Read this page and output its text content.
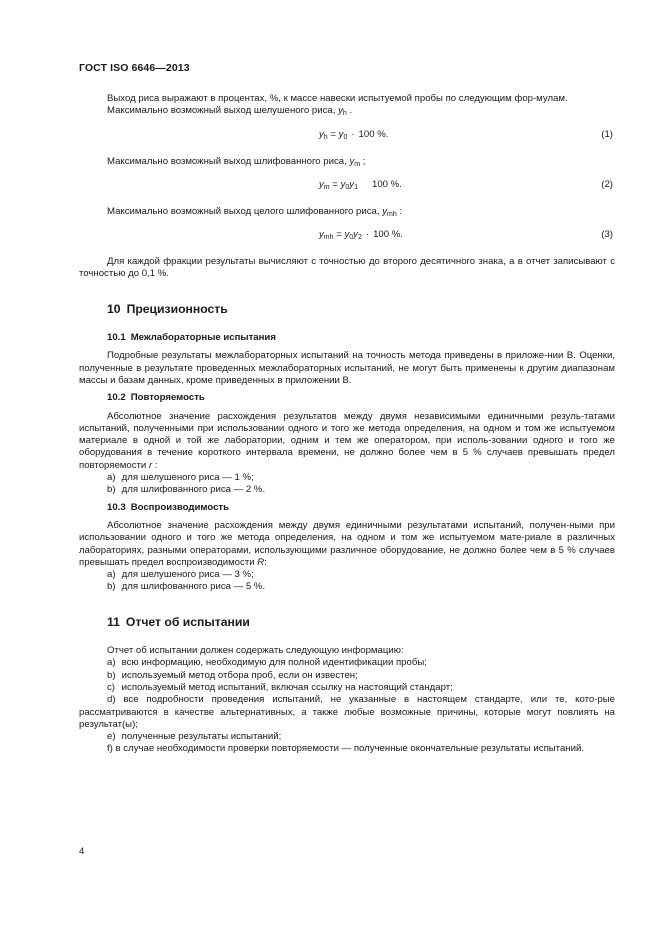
ГОСТ ISO 6646—2013

Выход риса выражают в процентах, %, к массе навески испытуемой пробы по следующим фор-мулам.

Максимально возможный выход шелушеного риса, $y_h$ .

$y_h = y_0 \cdot 100$ %.	(1)

Максимально возможный выход шлифованного риса, $y_m$ ;

$y_m = y_0y_1$ 100 %.	(2)

Максимально возможный выход целого шлифованного риса, $y_{mh}$ :

$y_{mh} = y_0y_2 \cdot 100$ %.	(3)

Для каждой фракции результаты вычисляют с точностью до второго десятичного знака, а в отчет записывают с точностью до 0,1 %.

10 Прецизионность
10.1 Межлабораторные испытания

Подробные результаты межлабораторных испытаний на точность метода приведены в приложе-нии В. Оценки, полученные в результате проведенных межлабораторных испытаний, не могут быть применены к другим диапазонам массы и базам данных, кроме приведенных в приложении В.

10.2 Повторяемость

Абсолютное значение расхождения результатов между двумя независимыми единичными резуль-татами испытаний, полученными при использовании одного и того же метода определения, на одном и том же испытуемом материале в одной и той же лаборатории, одним и тем же оператором, при исполь-зовании одного и того же оборудования в течение короткого интервала времени, не должно более чем в 5 % случаев превышать предел повторяемости r :

a) для шелушеного риса — 1 %;

b) для шлифованного риса — 2 %.

10.3 Воспроизводимость

Абсолютное значение расхождения между двумя единичными результатами испытаний, получен-ными при использовании одного и того же метода определения, на одном и том же испытуемом мате-риале в различных лабораториях, разными операторами, использующими различное оборудование, не должно более чем в 5 % случаев превышать предел воспроизводимости R:

a) для шелушеного риса — 3 %;

b) для шлифованного риса — 5 %.

11 Отчет об испытании

Отчет об испытании должен содержать следующую информацию:

a) всю информацию, необходимую для полной идентификации пробы;

b) используемый метод отбора проб, если он известен;

c) используемый метод испытаний, включая ссылку на настоящий стандарт;

d) все подробности проведения испытаний, не указанные в настоящем стандарте, или те, кото-рые рассматриваются в качестве альтернативных, а также любые возможные причины, которые могут повлиять на результат(ы);

e) полученные результаты испытаний;

f) в случае необходимости проверки повторяемости — полученные окончательные результаты испытаний.

4
